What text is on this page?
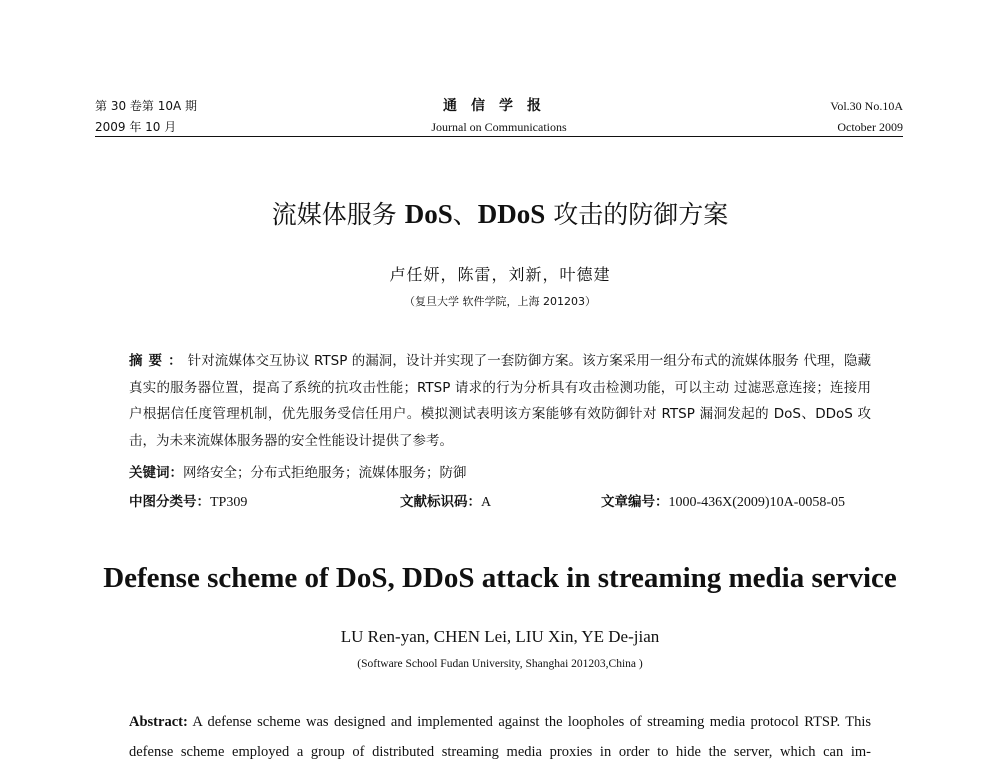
第 30 卷第 10A 期
2009 年 10 月
通信学报
Journal on Communications
Vol.30 No.10A
October 2009
流媒体服务 DoS、DDoS 攻击的防御方案
卢任妍，陈雷，刘新，叶德建
（复旦大学 软件学院，上海 201203）
摘要：针对流媒体交互协议 RTSP 的漏洞，设计并实现了一套防御方案。该方案采用一组分布式的流媒体服务 代理，隐藏真实的服务器位置，提高了系统的抗攻击性能；RTSP 请求的行为分析具有攻击检测功能，可以主动 过滤恶意连接；连接用户根据信任度管理机制，优先服务受信任用户。模拟测试表明该方案能够有效防御针对 RTSP 漏洞发起的 DoS、DDoS 攻击，为未来流媒体服务器的安全性能设计提供了参考。
关键词：网络安全；分布式拒绝服务；流媒体服务；防御
中图分类号：TP309	文献标识码：A	文章编号：1000-436X(2009)10A-0058-05
Defense scheme of DoS, DDoS attack in streaming media service
LU Ren-yan, CHEN Lei, LIU Xin, YE De-jian
(Software School Fudan University, Shanghai 201203,China )
Abstract: A defense scheme was designed and implemented against the loopholes of streaming media protocol RTSP. This defense scheme employed a group of distributed streaming media proxies in order to hide the server, which can im-
